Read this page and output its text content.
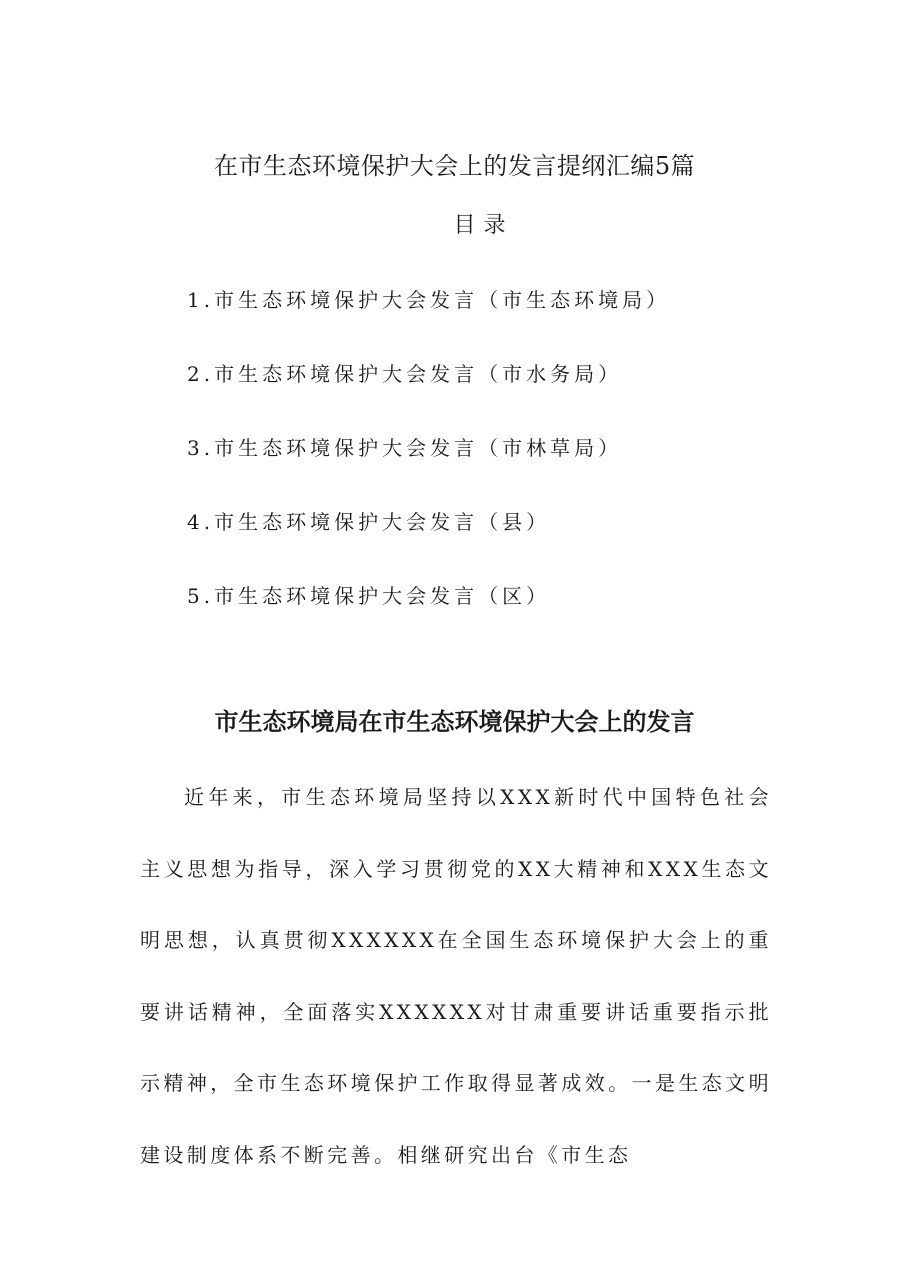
在市生态环境保护大会上的发言提纲汇编5篇
目录
1.市生态环境保护大会发言（市生态环境局）
2.市生态环境保护大会发言（市水务局）
3.市生态环境保护大会发言（市林草局）
4.市生态环境保护大会发言（县）
5.市生态环境保护大会发言（区）
市生态环境局在市生态环境保护大会上的发言

近年来，市生态环境局坚持以XXX新时代中国特色社会主义思想为指导，深入学习贯彻党的XX大精神和XXX生态文明思想，认真贯彻XXXXXX在全国生态环境保护大会上的重要讲话精神，全面落实XXXXXX对甘肃重要讲话重要指示批示精神，全市生态环境保护工作取得显著成效。一是生态文明建设制度体系不断完善。相继研究出台《市生态
